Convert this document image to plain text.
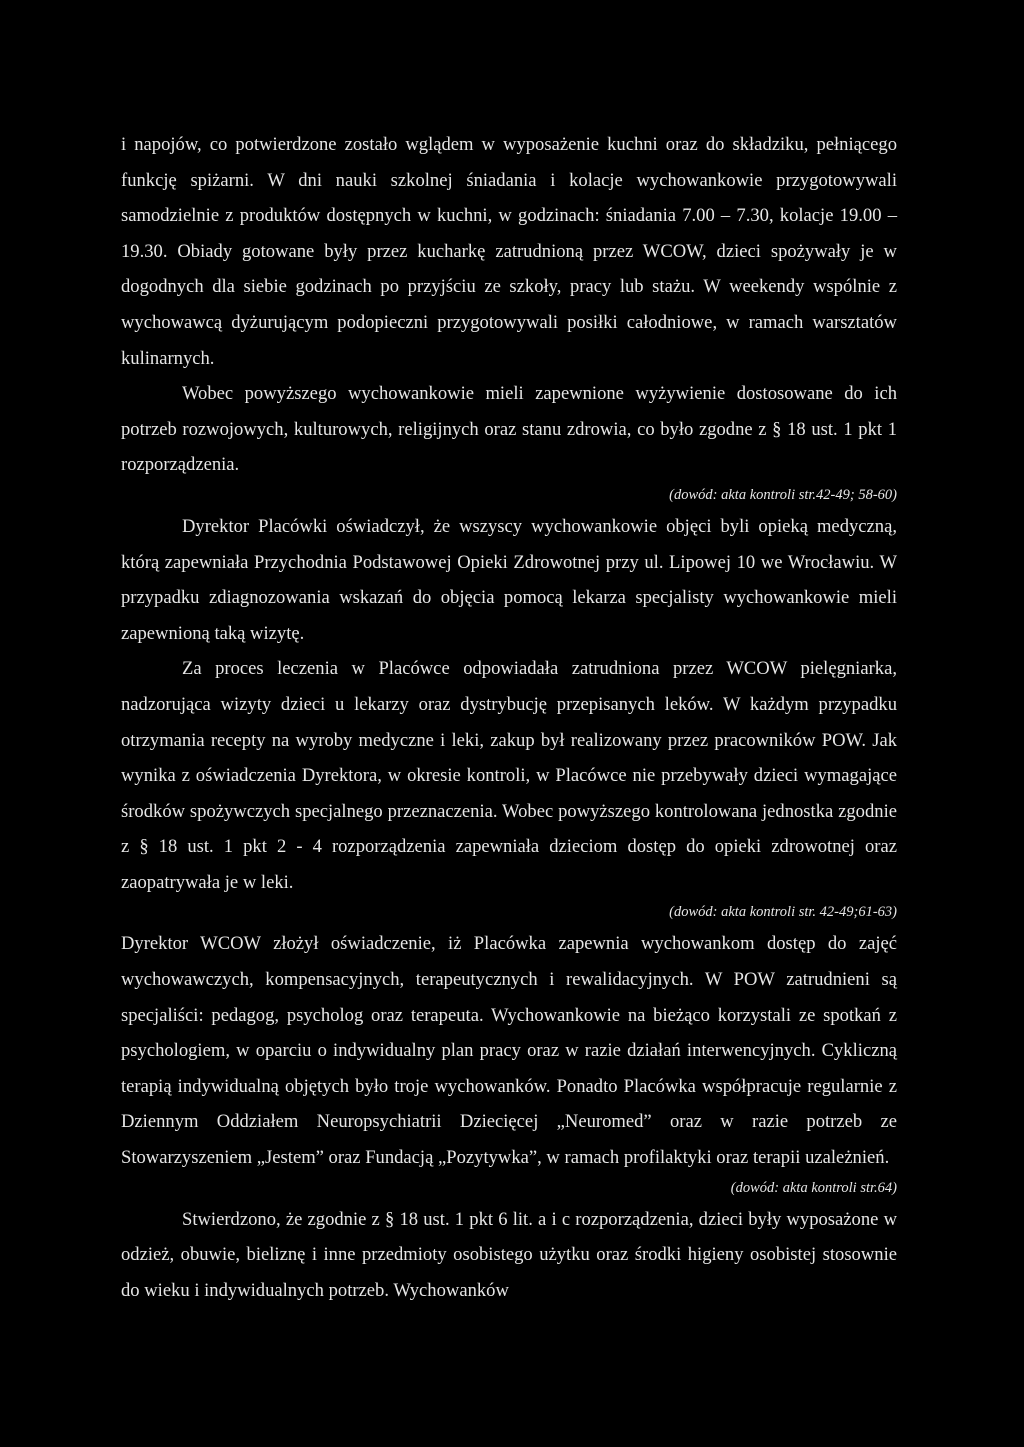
i napojów, co potwierdzone zostało wglądem w wyposażenie kuchni oraz do składziku, pełniącego funkcję spiżarni. W dni nauki szkolnej śniadania i kolacje wychowankowie przygotowywali samodzielnie z produktów dostępnych w kuchni, w godzinach: śniadania 7.00 – 7.30, kolacje 19.00 – 19.30. Obiady gotowane były przez kucharkę zatrudnioną przez WCOW, dzieci spożywały je w dogodnych dla siebie godzinach po przyjściu ze szkoły, pracy lub stażu. W weekendy wspólnie z wychowawcą dyżurującym podopieczni przygotowywali posiłki całodniowe, w ramach warsztatów kulinarnych.

Wobec powyższego wychowankowie mieli zapewnione wyżywienie dostosowane do ich potrzeb rozwojowych, kulturowych, religijnych oraz stanu zdrowia, co było zgodne z § 18 ust. 1 pkt 1 rozporządzenia.

(dowód: akta kontroli str.42-49; 58-60)

Dyrektor Placówki oświadczył, że wszyscy wychowankowie objęci byli opieką medyczną, którą zapewniała Przychodnia Podstawowej Opieki Zdrowotnej przy ul. Lipowej 10 we Wrocławiu. W przypadku zdiagnozowania wskazań do objęcia pomocą lekarza specjalisty wychowankowie mieli zapewnioną taką wizytę.

Za proces leczenia w Placówce odpowiadała zatrudniona przez WCOW pielęgniarka, nadzorująca wizyty dzieci u lekarzy oraz dystrybucję przepisanych leków. W każdym przypadku otrzymania recepty na wyroby medyczne i leki, zakup był realizowany przez pracowników POW. Jak wynika z oświadczenia Dyrektora, w okresie kontroli, w Placówce nie przebywały dzieci wymagające środków spożywczych specjalnego przeznaczenia. Wobec powyższego kontrolowana jednostka zgodnie z § 18 ust. 1 pkt 2 - 4 rozporządzenia zapewniała dzieciom dostęp do opieki zdrowotnej oraz zaopatrywała je w leki.

(dowód: akta kontroli str. 42-49;61-63)

Dyrektor WCOW złożył oświadczenie, iż Placówka zapewnia wychowankom dostęp do zajęć wychowawczych, kompensacyjnych, terapeutycznych i rewalidacyjnych. W POW zatrudnieni są specjaliści: pedagog, psycholog oraz terapeuta. Wychowankowie na bieżąco korzystali ze spotkań z psychologiem, w oparciu o indywidualny plan pracy oraz w razie działań interwencyjnych. Cykliczną terapią indywidualną objętych było troje wychowanków. Ponadto Placówka współpracuje regularnie z Dziennym Oddziałem Neuropsychiatrii Dziecięcej „Neuromed” oraz w razie potrzeb ze Stowarzyszeniem „Jestem” oraz Fundacją „Pozytywka”, w ramach profilaktyki oraz terapii uzależnień.

(dowód: akta kontroli str.64)

Stwierdzono, że zgodnie z § 18 ust. 1 pkt 6 lit. a i c rozporządzenia, dzieci były wyposażone w odzież, obuwie, bieliznę i inne przedmioty osobistego użytku oraz środki higieny osobistej stosownie do wieku i indywidualnych potrzeb. Wychowanków
